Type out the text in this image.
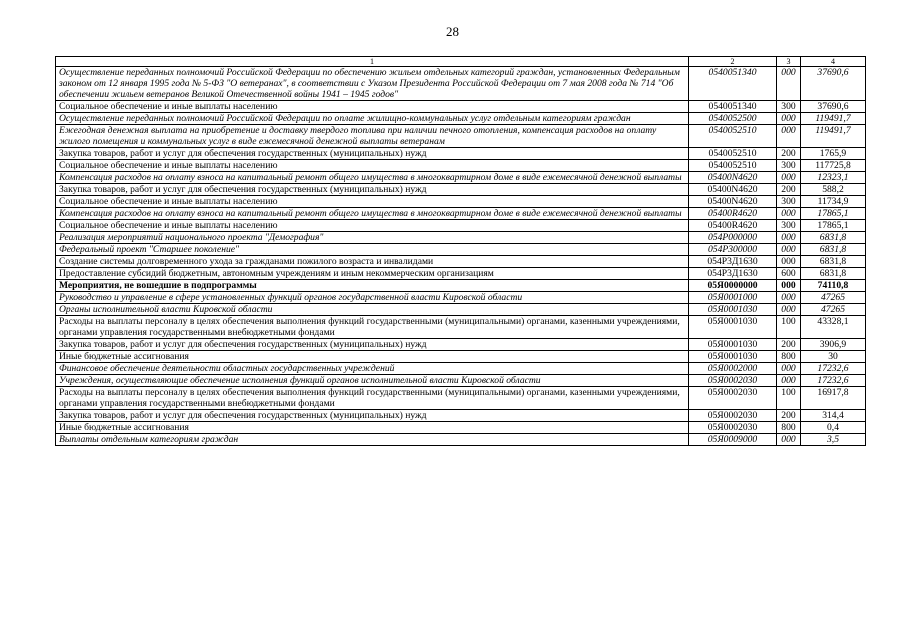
28
1	2	3	4
Осуществление переданных полномочий Российской Федерации по обеспечению жильем отдельных категорий граждан, установленных Федеральным законом от 12 января 1995 года № 5-ФЗ "О ветеранах", в соответствии с Указом Президента Российской Федерации от 7 мая 2008 года № 714 "Об обеспечении жильем ветеранов Великой Отечественной войны 1941 – 1945 годов"	0540051340	000	37690,6
Социальное обеспечение и иные выплаты населению	0540051340	300	37690,6
Осуществление переданных полномочий Российской Федерации по оплате жилищно-коммунальных услуг отдельным категориям граждан	0540052500	000	119491,7
Ежегодная денежная выплата на приобретение и доставку твердого топлива при наличии печного отопления, компенсация расходов на оплату жилого помещения и коммунальных услуг в виде ежемесячной денежной выплаты ветеранам	0540052510	000	119491,7
Закупка товаров, работ и услуг для обеспечения государственных (муниципальных) нужд	0540052510	200	1765,9
Социальное обеспечение и иные выплаты населению	0540052510	300	117725,8
Компенсация расходов на оплату взноса на капитальный ремонт общего имущества в многоквартирном доме в виде ежемесячной денежной выплаты	05400N4620	000	12323,1
Закупка товаров, работ и услуг для обеспечения государственных (муниципальных) нужд	05400N4620	200	588,2
Социальное обеспечение и иные выплаты населению	05400N4620	300	11734,9
Компенсация расходов на оплату взноса на капитальный ремонт общего имущества в многоквартирном доме в виде ежемесячной денежной выплаты	05400R4620	000	17865,1
Социальное обеспечение и иные выплаты населению	05400R4620	300	17865,1
Реализация мероприятий национального проекта "Демография"	054P000000	000	6831,8
Федеральный проект "Старшее поколение"	054P300000	000	6831,8
Создание системы долговременного ухода за гражданами пожилого возраста и инвалидами	054P3Д1630	000	6831,8
Предоставление субсидий бюджетным, автономным учреждениям и иным некоммерческим организациям	054P3Д1630	600	6831,8
Мероприятия, не вошедшие в подпрограммы	05Я0000000	000	74110,8
Руководство и управление в сфере установленных функций органов государственной власти Кировской области	05Я0001000	000	47265
Органы исполнительной власти Кировской области	05Я0001030	000	47265
Расходы на выплаты персоналу в целях обеспечения выполнения функций государственными (муниципальными) органами, казенными учреждениями, органами управления государственными внебюджетными фондами	05Я0001030	100	43328,1
Закупка товаров, работ и услуг для обеспечения государственных (муниципальных) нужд	05Я0001030	200	3906,9
Иные бюджетные ассигнования	05Я0001030	800	30
Финансовое обеспечение деятельности областных государственных учреждений	05Я0002000	000	17232,6
Учреждения, осуществляющие обеспечение исполнения функций органов исполнительной власти Кировской области	05Я0002030	000	17232,6
Расходы на выплаты персоналу в целях обеспечения выполнения функций государственными (муниципальными) органами, казенными учреждениями, органами управления государственными внебюджетными фондами	05Я0002030	100	16917,8
Закупка товаров, работ и услуг для обеспечения государственных (муниципальных) нужд	05Я0002030	200	314,4
Иные бюджетные ассигнования	05Я0002030	800	0,4
Выплаты отдельным категориям граждан	05Я0009000	000	3,5
